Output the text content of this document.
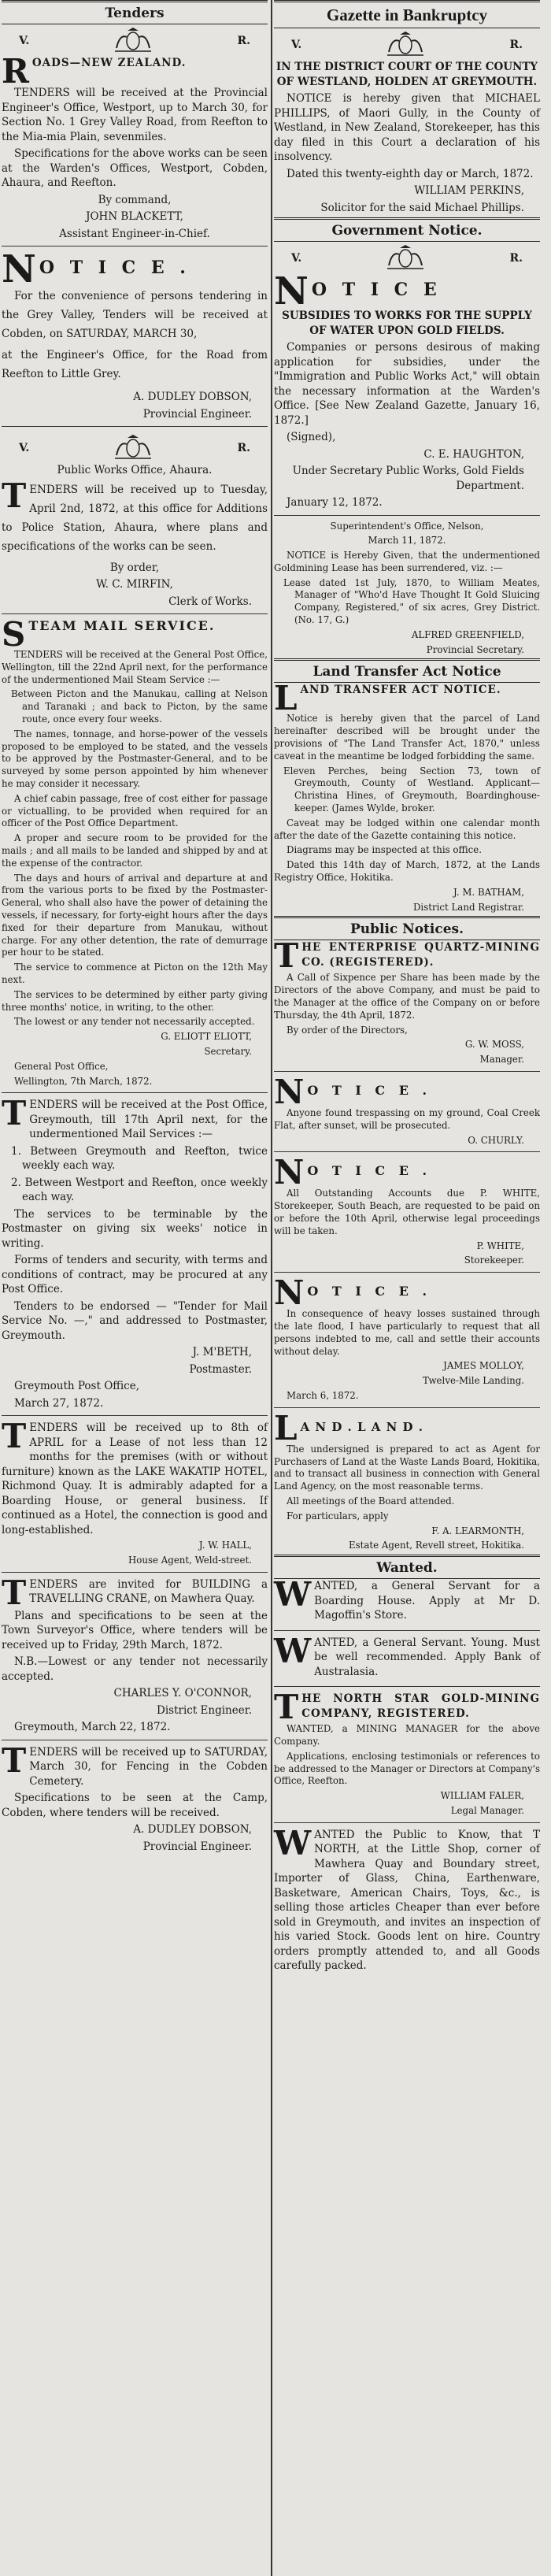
Tenders
V.	R.
ROADS—NEW ZEALAND.

TENDERS will be received at the Provincial Engineer's Office, Westport, up to March 30, for Section No. 1 Grey Valley Road, from Reefton to the Mia-mia Plain, sevenmiles.

Specifications for the above works can be seen at the Warden's Offices, Westport, Cobden, Ahaura, and Reefton.

By command,

JOHN BLACKETT,

Assistant Engineer-in-Chief.

N O T I C E .

For the convenience of persons tendering in the Grey Valley, Tenders will be received at Cobden, on SATURDAY, MARCH 30,

at the Engineer's Office, for the Road from Reefton to Little Grey.

A. DUDLEY DOBSON,

Provincial Engineer.

V.	R.

Public Works Office, Ahaura.

TENDERS will be received up to Tuesday, April 2nd, 1872, at this office for Additions to Police Station, Ahaura, where plans and specifications of the works can be seen.

By order,

W. C. MIRFIN,

Clerk of Works.

STEAM MAIL SERVICE.

TENDERS will be received at the General Post Office, Wellington, till the 22nd April next, for the performance of the undermentioned Mail Steam Service :—

Between Picton and the Manukau, calling at Nelson and Taranaki ; and back to Picton, by the same route, once every four weeks.

The names, tonnage, and horse-power of the vessels proposed to be employed to be stated, and the vessels to be approved by the Postmaster-General, and to be surveyed by some person appointed by him whenever he may consider it necessary.

A chief cabin passage, free of cost either for passage or victualling, to be provided when required for an officer of the Post Office Department.

A proper and secure room to be provided for the mails ; and all mails to be landed and shipped by and at the expense of the contractor.

The days and hours of arrival and departure at and from the various ports to be fixed by the Postmaster-General, who shall also have the power of detaining the vessels, if necessary, for forty-eight hours after the days fixed for their departure from Manukau, without charge. For any other detention, the rate of demurrage per hour to be stated.

The service to commence at Picton on the 12th May next.

The services to be determined by either party giving three months' notice, in writing, to the other.

The lowest or any tender not necessarily accepted.

G. ELIOTT ELIOTT,

Secretary.

General Post Office,

Wellington, 7th March, 1872.

TENDERS will be received at the Post Office, Greymouth, till 17th April next, for the undermentioned Mail Services :—

1. Between Greymouth and Reefton, twice weekly each way.

2. Between Westport and Reefton, once weekly each way.

The services to be terminable by the Postmaster on giving six weeks' notice in writing.

Forms of tenders and security, with terms and conditions of contract, may be procured at any Post Office.

Tenders to be endorsed — "Tender for Mail Service No. —," and addressed to Postmaster, Greymouth.

J. M'BETH,

Postmaster.

Greymouth Post Office,

March 27, 1872.

TENDERS will be received up to 8th of APRIL for a Lease of not less than 12 months for the premises (with or without furniture) known as the LAKE WAKATIP HOTEL, Richmond Quay. It is admirably adapted for a Boarding House, or general business. If continued as a Hotel, the connection is good and long-established.

J. W. HALL,

House Agent, Weld-street.

TENDERS are invited for BUILDING a TRAVELLING CRANE, on Mawhera Quay.

Plans and specifications to be seen at the Town Surveyor's Office, where tenders will be received up to Friday, 29th March, 1872.

N.B.—Lowest or any tender not necessarily accepted.

CHARLES Y. O'CONNOR,

District Engineer.

Greymouth, March 22, 1872.

TENDERS will be received up to SATURDAY, March 30, for Fencing in the Cobden Cemetery.

Specifications to be seen at the Camp, Cobden, where tenders will be received.

A. DUDLEY DOBSON,

Provincial Engineer.

Gazette in Bankruptcy
V.	R.

IN THE DISTRICT COURT OF THE COUNTY OF WESTLAND, HOLDEN AT GREYMOUTH.

NOTICE is hereby given that MICHAEL PHILLIPS, of Maori Gully, in the County of Westland, in New Zealand, Storekeeper, has this day filed in this Court a declaration of his insolvency.

Dated this twenty-eighth day or March, 1872.

WILLIAM PERKINS,

Solicitor for the said Michael Phillips.

Government Notice.
V.	R.
N O T I C E

SUBSIDIES TO WORKS FOR THE SUPPLY OF WATER UPON GOLD FIELDS.

Companies or persons desirous of making application for subsidies, under the "Immigration and Public Works Act," will obtain the necessary information at the Warden's Office. [See New Zealand Gazette, January 16, 1872.]

(Signed),

C. E. HAUGHTON,

Under Secretary Public Works, Gold Fields Department.

January 12, 1872.

Superintendent's Office, Nelson,

March 11, 1872.

NOTICE is Hereby Given, that the undermentioned Goldmining Lease has been surrendered, viz. :—

Lease dated 1st July, 1870, to William Meates, Manager of "Who'd Have Thought It Gold Sluicing Company, Registered," of six acres, Grey District. (No. 17, G.)

ALFRED GREENFIELD,

Provincial Secretary.

Land Transfer Act Notice
LAND TRANSFER ACT NOTICE.

Notice is hereby given that the parcel of Land hereinafter described will be brought under the provisions of "The Land Transfer Act, 1870," unless caveat in the meantime be lodged forbidding the same.

Eleven Perches, being Section 73, town of Greymouth, County of Westland. Applicant—Christina Hines, of Greymouth, Boardinghouse-keeper. (James Wylde, broker.

Caveat may be lodged within one calendar month after the date of the Gazette containing this notice.

Diagrams may be inspected at this office.

Dated this 14th day of March, 1872, at the Lands Registry Office, Hokitika.

J. M. BATHAM,

District Land Registrar.

Public Notices.
THE ENTERPRISE QUARTZ-MINING CO. (REGISTERED).

A Call of Sixpence per Share has been made by the Directors of the above Company, and must be paid to the Manager at the office of the Company on or before Thursday, the 4th April, 1872.

By order of the Directors,

G. W. MOSS,

Manager.

N O T I C E .

Anyone found trespassing on my ground, Coal Creek Flat, after sunset, will be prosecuted.

O. CHURLY.

N O T I C E .

All Outstanding Accounts due P. WHITE, Storekeeper, South Beach, are requested to be paid on or before the 10th April, otherwise legal proceedings will be taken.

P. WHITE,

Storekeeper.

N O T I C E .

In consequence of heavy losses sustained through the late flood, I have particularly to request that all persons indebted to me, call and settle their accounts without delay.

JAMES MOLLOY,

Twelve-Mile Landing.

March 6, 1872.

L A N D . L A N D .

The undersigned is prepared to act as Agent for Purchasers of Land at the Waste Lands Board, Hokitika, and to transact all business in connection with General Land Agency, on the most reasonable terms.

All meetings of the Board attended.

For particulars, apply

F. A. LEARMONTH,

Estate Agent, Revell street, Hokitika.

Wanted.
WANTED, a General Servant for a Boarding House. Apply at Mr D. Magoffin's Store.
WANTED, a General Servant. Young. Must be well recommended. Apply Bank of Australasia.
THE NORTH STAR GOLD-MINING COMPANY, REGISTERED.

WANTED, a MINING MANAGER for the above Company.

Applications, enclosing testimonials or references to be addressed to the Manager or Directors at Company's Office, Reefton.

WILLIAM FALER,

Legal Manager.

WANTED the Public to Know, that T NORTH, at the Little Shop, corner of Mawhera Quay and Boundary street, Importer of Glass, China, Earthenware, Basketware, American Chairs, Toys, &c., is selling those articles Cheaper than ever before sold in Greymouth, and invites an inspection of his varied Stock. Goods lent on hire. Country orders promptly attended to, and all Goods carefully packed.
